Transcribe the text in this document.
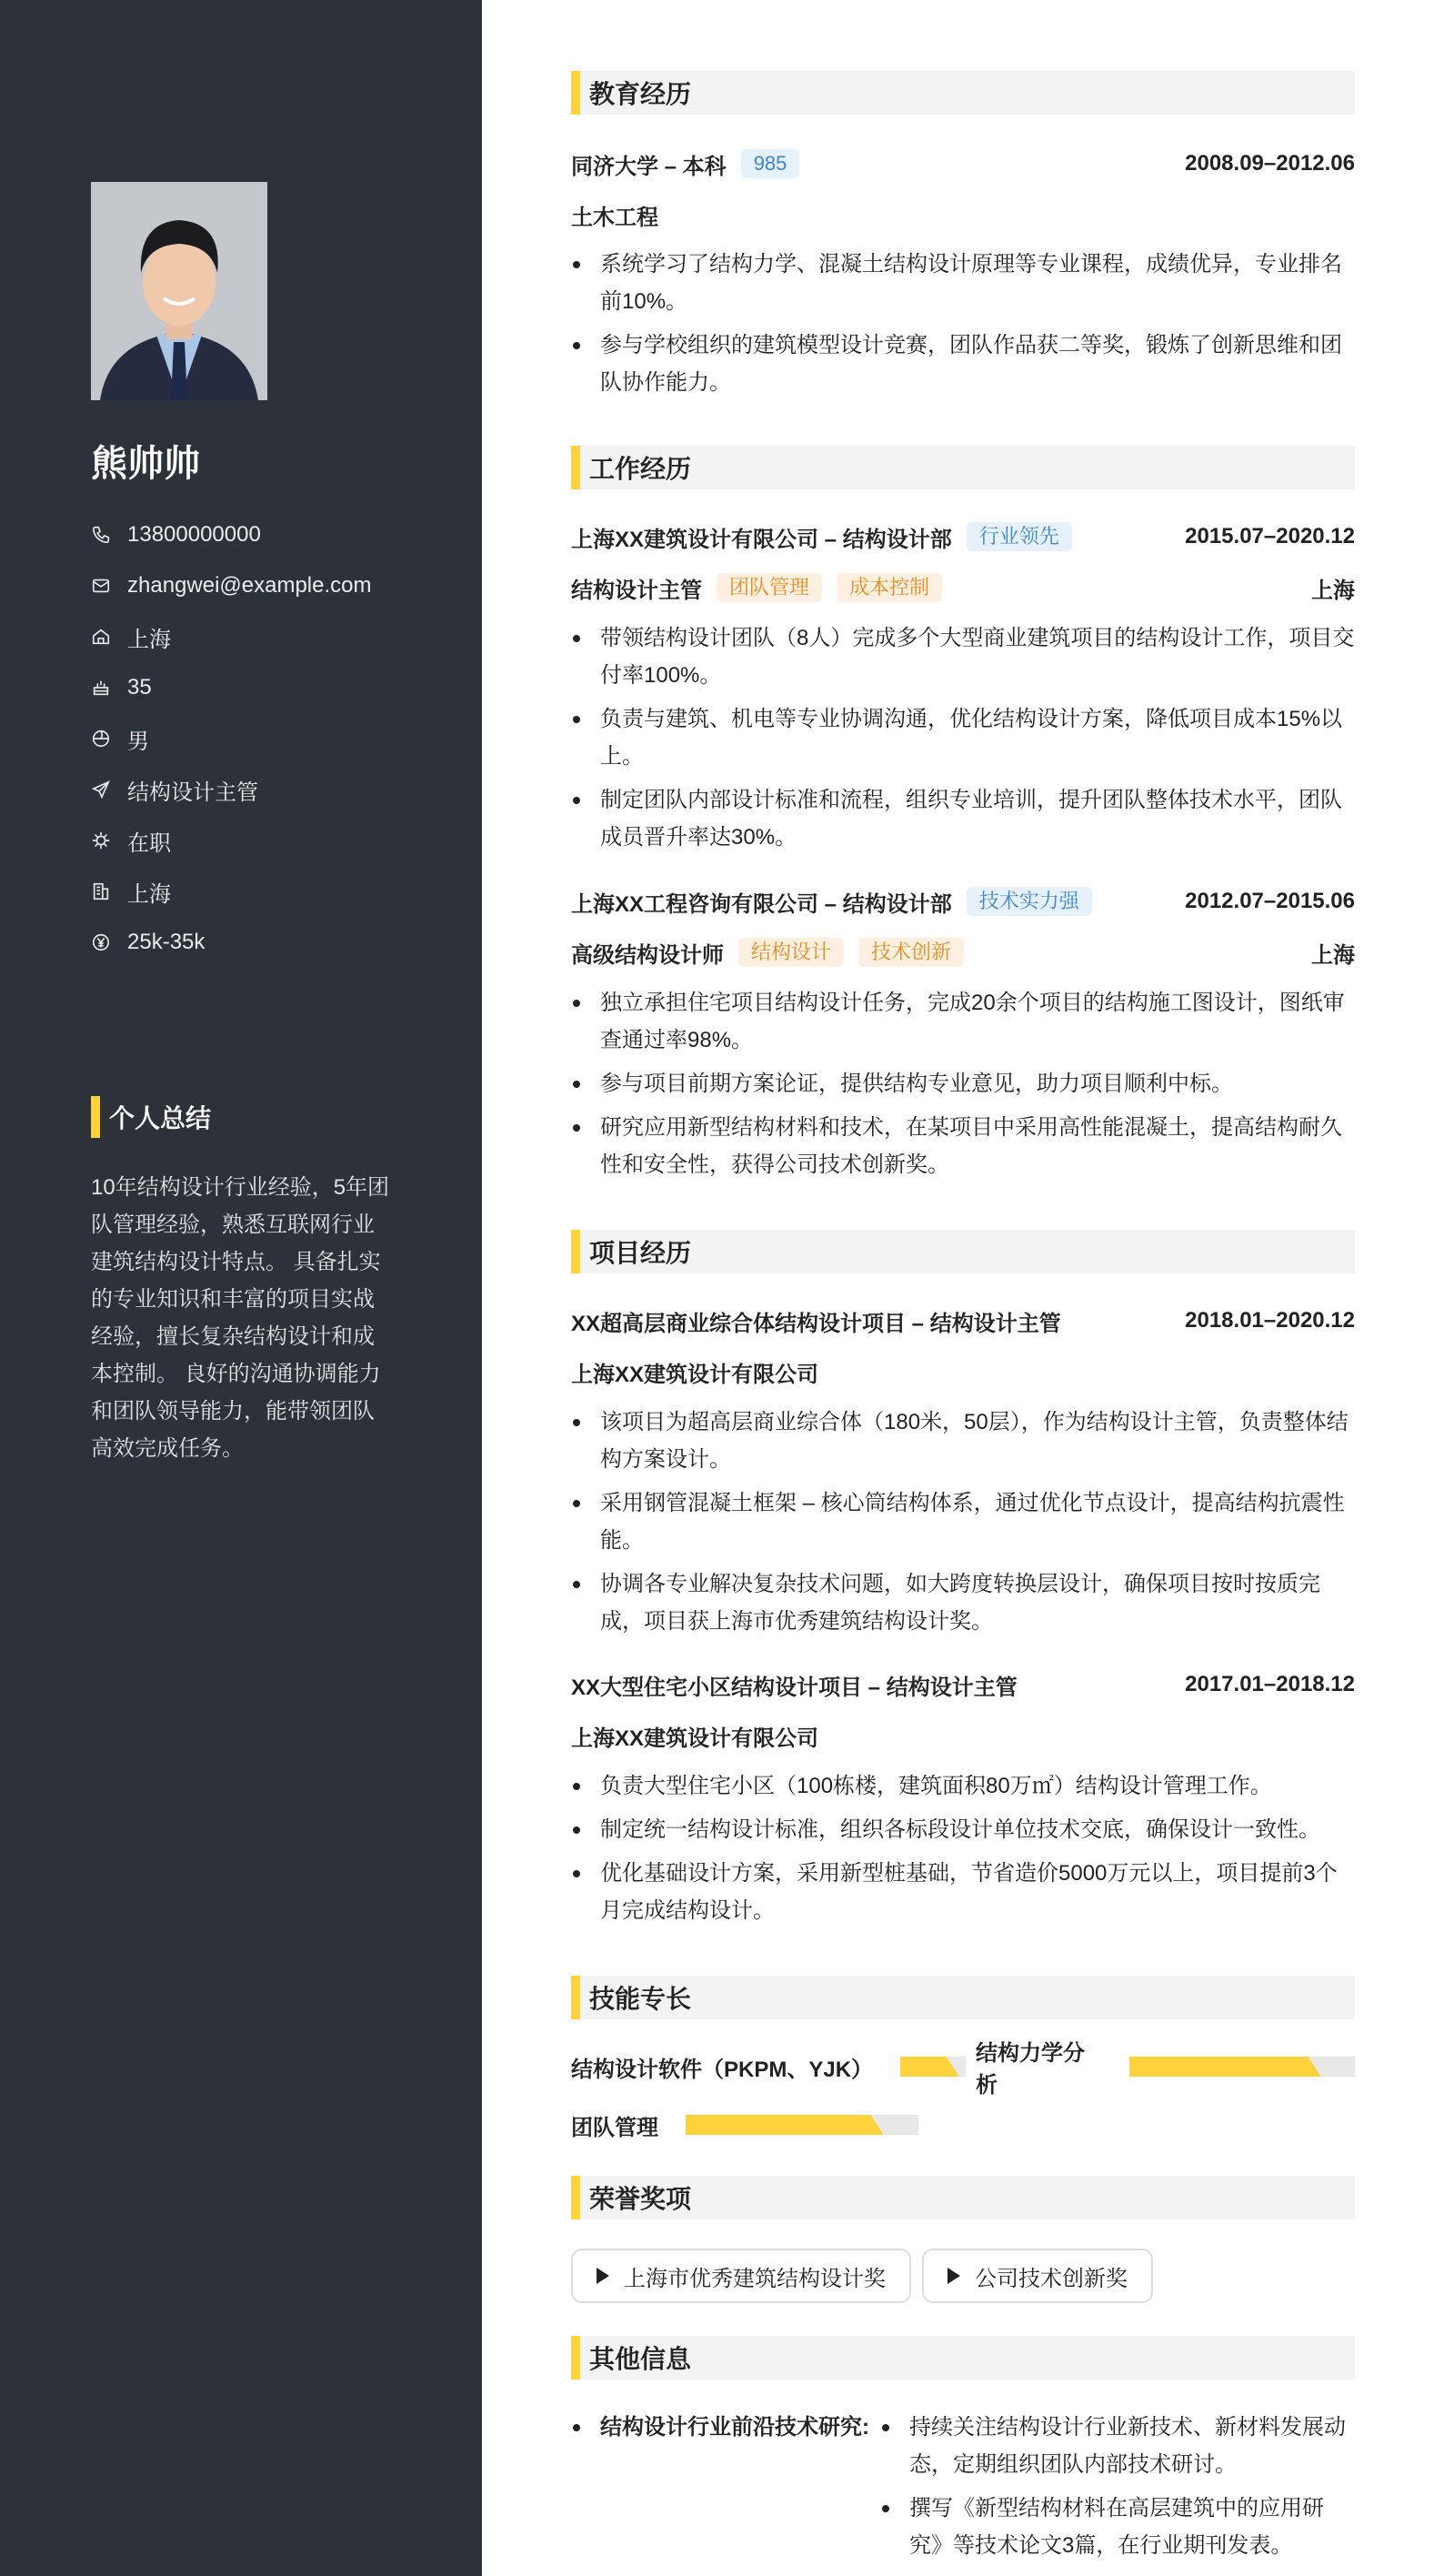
熊帅帅
13800000000
zhangwei@example.com
上海
35
男
结构设计主管
在职
上海
25k-35k
个人总结
10年结构设计行业经验，5年团队管理经验，熟悉互联网行业建筑结构设计特点。 具备扎实的专业知识和丰富的项目实战经验，擅长复杂结构设计和成本控制。 良好的沟通协调能力和团队领导能力，能带领团队高效完成任务。
教育经历
同济大学 – 本科	985	2008.09–2012.06
土木工程
系统学习了结构力学、混凝土结构设计原理等专业课程，成绩优异，专业排名前10%。
参与学校组织的建筑模型设计竞赛，团队作品获二等奖，锻炼了创新思维和团队协作能力。
工作经历
上海XX建筑设计有限公司 – 结构设计部	行业领先	2015.07–2020.12
结构设计主管	团队管理	成本控制	上海
带领结构设计团队（8人）完成多个大型商业建筑项目的结构设计工作，项目交付率100%。
负责与建筑、机电等专业协调沟通，优化结构设计方案，降低项目成本15%以上。
制定团队内部设计标准和流程，组织专业培训，提升团队整体技术水平，团队成员晋升率达30%。
上海XX工程咨询有限公司 – 结构设计部	技术实力强	2012.07–2015.06
高级结构设计师	结构设计	技术创新	上海
独立承担住宅项目结构设计任务，完成20余个项目的结构施工图设计，图纸审查通过率98%。
参与项目前期方案论证，提供结构专业意见，助力项目顺利中标。
研究应用新型结构材料和技术，在某项目中采用高性能混凝土，提高结构耐久性和安全性，获得公司技术创新奖。
项目经历
XX超高层商业综合体结构设计项目 – 结构设计主管	2018.01–2020.12
上海XX建筑设计有限公司
该项目为超高层商业综合体（180米，50层），作为结构设计主管，负责整体结构方案设计。
采用钢管混凝土框架 – 核心筒结构体系，通过优化节点设计，提高结构抗震性能。
协调各专业解决复杂技术问题，如大跨度转换层设计，确保项目按时按质完成，项目获上海市优秀建筑结构设计奖。
XX大型住宅小区结构设计项目 – 结构设计主管	2017.01–2018.12
上海XX建筑设计有限公司
负责大型住宅小区（100栋楼，建筑面积80万㎡）结构设计管理工作。
制定统一结构设计标准，组织各标段设计单位技术交底，确保设计一致性。
优化基础设计方案，采用新型桩基础，节省造价5000万元以上，项目提前3个月完成结构设计。
技能专长
结构设计软件（PKPM、YJK）
结构力学分析
团队管理
荣誉奖项
上海市优秀建筑结构设计奖	公司技术创新奖
其他信息
结构设计行业前沿技术研究:	持续关注结构设计行业新技术、新材料发展动态，定期组织团队内部技术研讨。
撰写《新型结构材料在高层建筑中的应用研究》等技术论文3篇，在行业期刊发表。
